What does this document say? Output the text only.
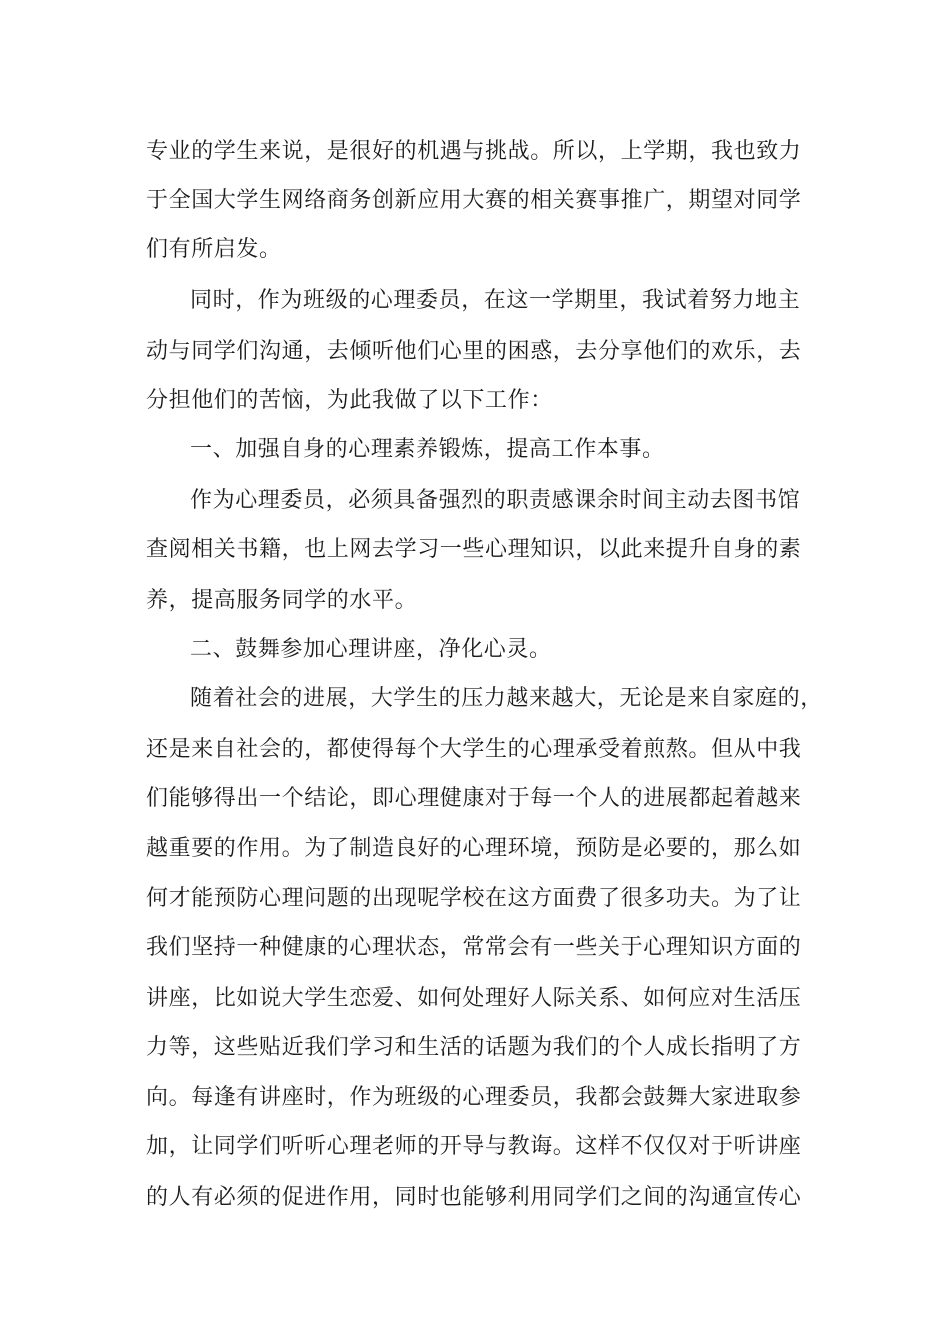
专业的学生来说，是很好的机遇与挑战。所以，上学期，我也致力
于全国大学生网络商务创新应用大赛的相关赛事推广，期望对同学
们有所启发。
同时，作为班级的心理委员，在这一学期里，我试着努力地主
动与同学们沟通，去倾听他们心里的困惑，去分享他们的欢乐，去
分担他们的苦恼，为此我做了以下工作：
一、加强自身的心理素养锻炼，提高工作本事。
作为心理委员，必须具备强烈的职责感课余时间主动去图书馆
查阅相关书籍，也上网去学习一些心理知识，以此来提升自身的素
养，提高服务同学的水平。
二、鼓舞参加心理讲座，净化心灵。
随着社会的进展，大学生的压力越来越大，无论是来自家庭的，
还是来自社会的，都使得每个大学生的心理承受着煎熬。但从中我
们能够得出一个结论，即心理健康对于每一个人的进展都起着越来
越重要的作用。为了制造良好的心理环境，预防是必要的，那么如
何才能预防心理问题的出现呢学校在这方面费了很多功夫。为了让
我们坚持一种健康的心理状态，常常会有一些关于心理知识方面的
讲座，比如说大学生恋爱、如何处理好人际关系、如何应对生活压
力等，这些贴近我们学习和生活的话题为我们的个人成长指明了方
向。每逢有讲座时，作为班级的心理委员，我都会鼓舞大家进取参
加，让同学们听听心理老师的开导与教诲。这样不仅仅对于听讲座
的人有必须的促进作用，同时也能够利用同学们之间的沟通宣传心
